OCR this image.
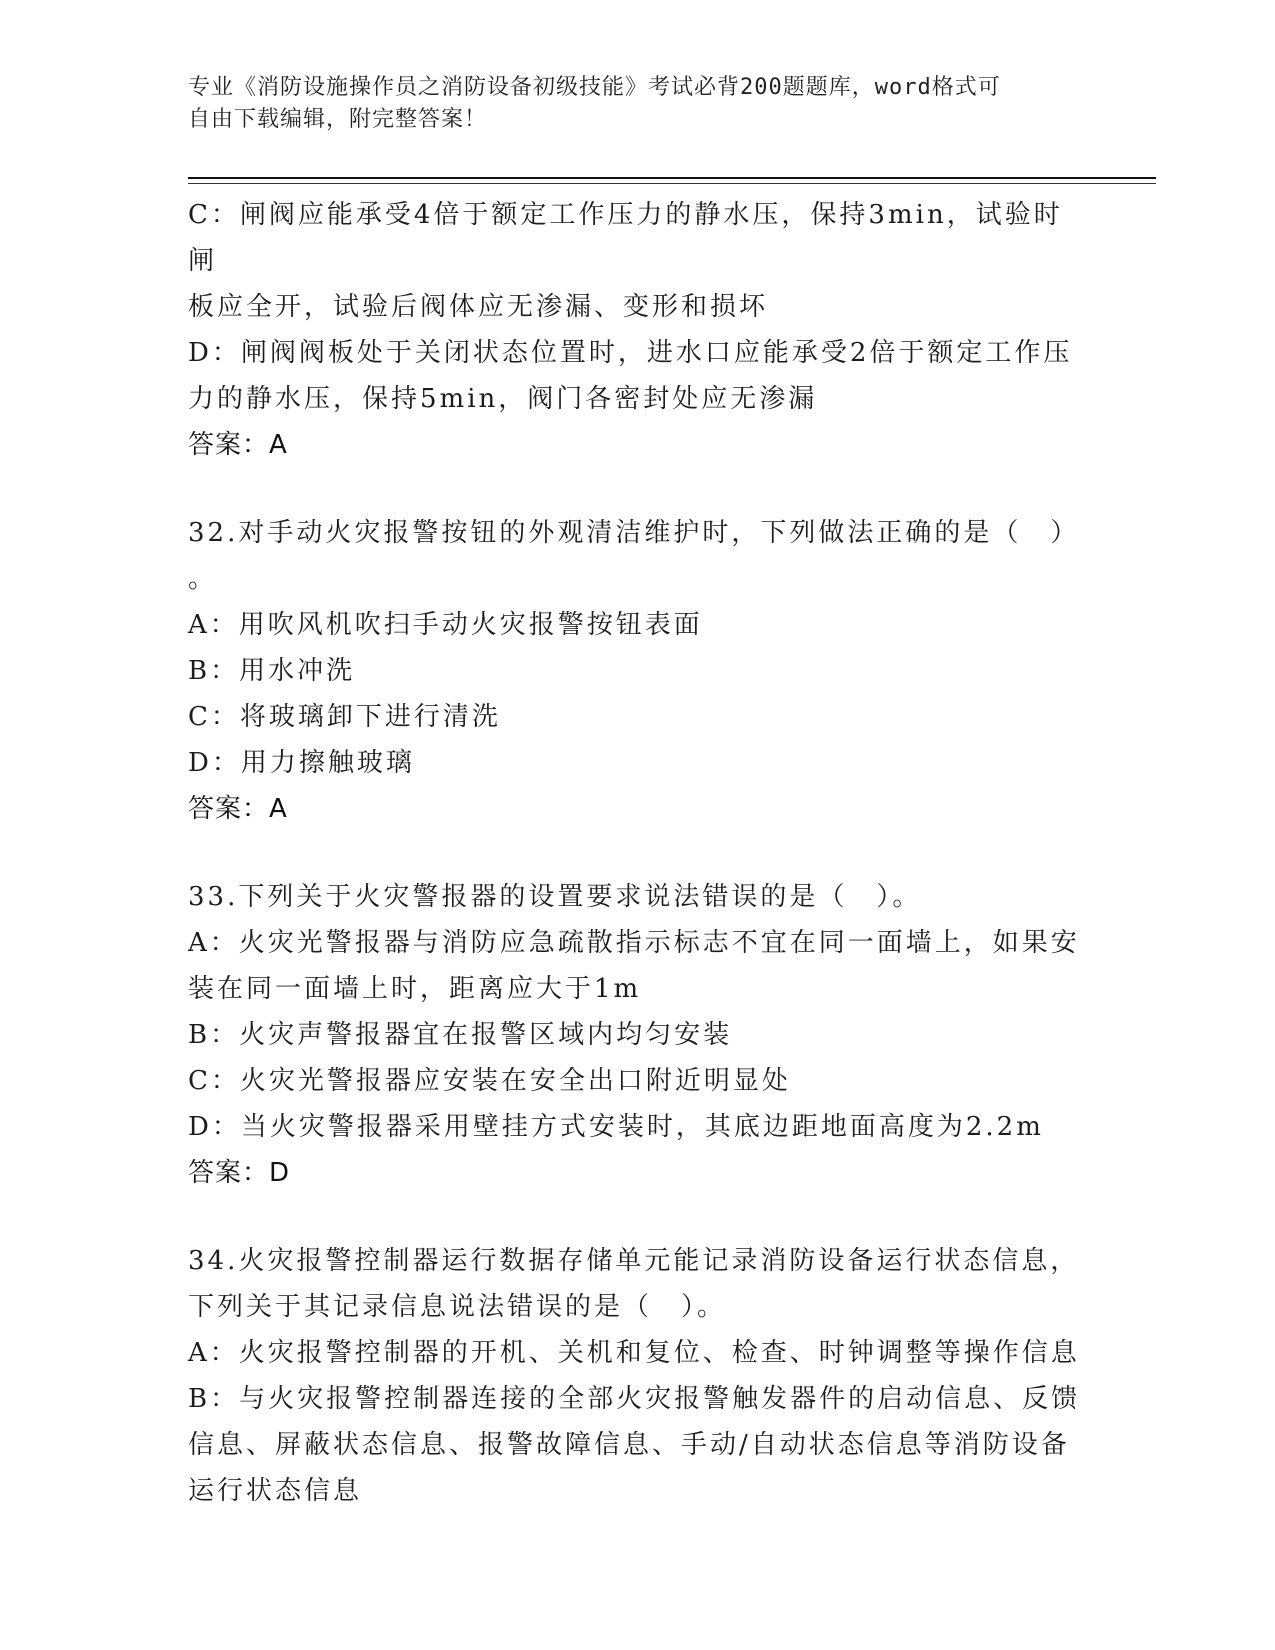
专业《消防设施操作员之消防设备初级技能》考试必背200题题库，word格式可
自由下载编辑，附完整答案！

C：闸阀应能承受4倍于额定工作压力的静水压，保持3min，试验时闸

板应全开，试验后阀体应无渗漏、变形和损坏

D：闸阀阀板处于关闭状态位置时，进水口应能承受2倍于额定工作压

力的静水压，保持5min，阀门各密封处应无渗漏

答案：A

32.对手动火灾报警按钮的外观清洁维护时，下列做法正确的是（　）

。

A：用吹风机吹扫手动火灾报警按钮表面

B：用水冲洗

C：将玻璃卸下进行清洗

D：用力擦触玻璃

答案：A

33.下列关于火灾警报器的设置要求说法错误的是（　）。

A：火灾光警报器与消防应急疏散指示标志不宜在同一面墙上，如果安

装在同一面墙上时，距离应大于1m

B：火灾声警报器宜在报警区域内均匀安装

C：火灾光警报器应安装在安全出口附近明显处

D：当火灾警报器采用壁挂方式安装时，其底边距地面高度为2.2m

答案：D

34.火灾报警控制器运行数据存储单元能记录消防设备运行状态信息，

下列关于其记录信息说法错误的是（　）。

A：火灾报警控制器的开机、关机和复位、检查、时钟调整等操作信息

B：与火灾报警控制器连接的全部火灾报警触发器件的启动信息、反馈

信息、屏蔽状态信息、报警故障信息、手动/自动状态信息等消防设备

运行状态信息
